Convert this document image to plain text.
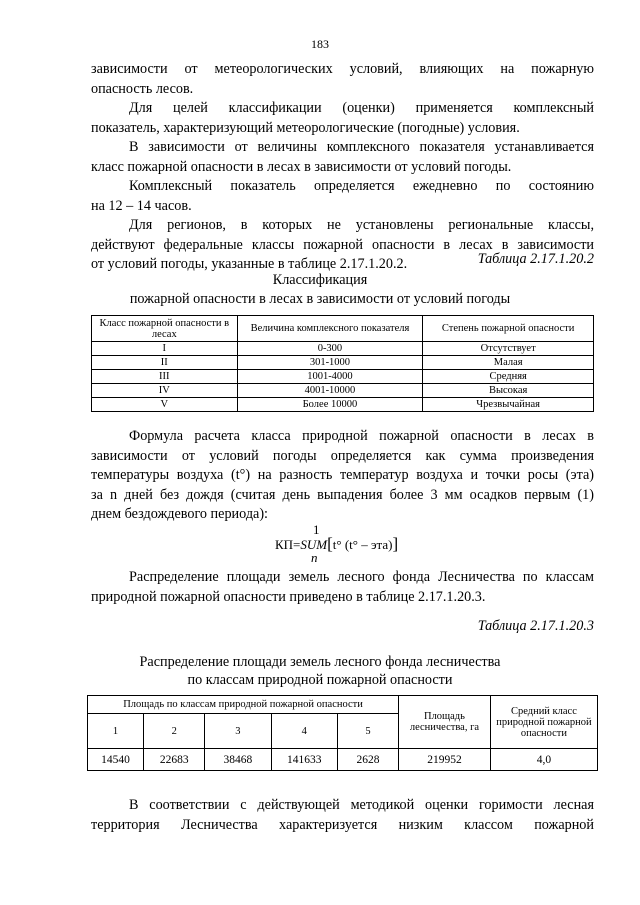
183
зависимости от метеорологических условий, влияющих на пожарную
опасность лесов.
Для целей классификации (оценки) применяется комплексный
показатель, характеризующий метеорологические (погодные) условия.
В зависимости от величины комплексного показателя устанавливается
класс пожарной опасности в лесах в зависимости от условий погоды.
Комплексный показатель определяется ежедневно по состоянию
на 12 – 14 часов.
Для регионов, в которых не установлены региональные классы,
действуют федеральные классы пожарной опасности в лесах в зависимости
от условий погоды, указанные в таблице 2.17.1.20.2.	Таблица 2.17.1.20.2
Классификация
пожарной опасности в лесах в зависимости от условий погоды
Класс пожарной опасности в лесах	Величина комплексного показателя	Степень пожарной опасности
I	0-300	Отсутствует
II	301-1000	Малая
III	1001-4000	Средняя
IV	4001-10000	Высокая
V	Более 10000	Чрезвычайная
Формула расчета класса природной пожарной опасности в лесах в
зависимости от условий погоды определяется как сумма произведения
температуры воздуха (t°) на разность температур воздуха и точки росы (эта)
за n дней без дождя (считая день выпадения более 3 мм осадков первым (1)
днем бездождевого периода):
1
КП=SUM[t° (t° – эта)]
n
Распределение площади земель лесного фонда Лесничества по классам
природной пожарной опасности приведено в таблице 2.17.1.20.3.
Таблица 2.17.1.20.3
Распределение площади земель лесного фонда лесничества
по классам природной пожарной опасности
Площадь по классам природной пожарной опасности					Площадь лесничества, га	Средний класс природной пожарной опасности
1	2	3	4	5		
14540	22683	38468	141633	2628	219952	4,0
В соответствии с действующей методикой оценки горимости лесная
территория Лесничества характеризуется низким классом пожарной
